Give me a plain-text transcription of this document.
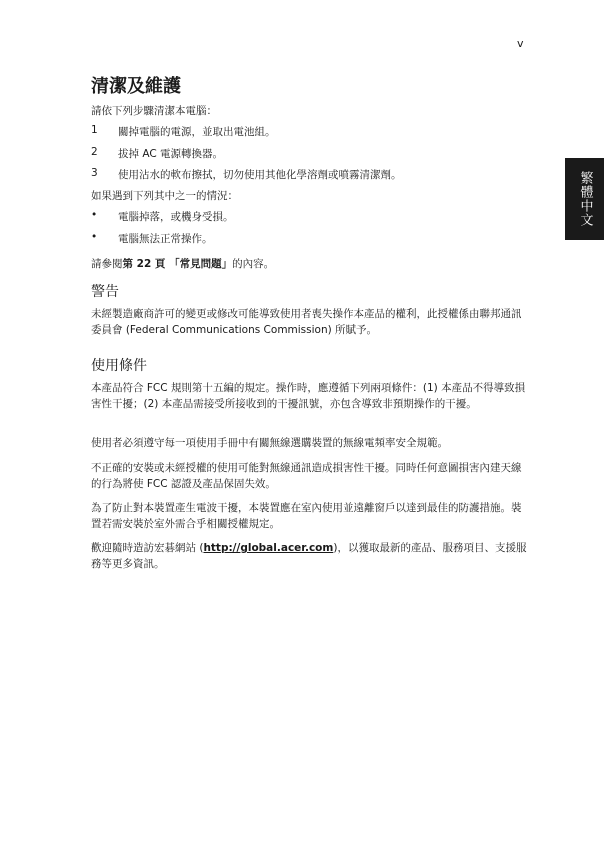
v
繁體中文
清潔及維護
請依下列步驟清潔本電腦：
1 關掉電腦的電源，並取出電池組。
2 拔掉 AC 電源轉換器。
3 使用沾水的軟布擦拭，切勿使用其他化學溶劑或噴霧清潔劑。
如果遇到下列其中之一的情況：
• 電腦掉落，或機身受損。
• 電腦無法正常操作。
請參閱第 22 頁 「常見問題」的內容。
警告
未經製造廠商許可的變更或修改可能導致使用者喪失操作本產品的權利，此授權係由聯邦通訊委員會 (Federal Communications Commission) 所賦予。
使用條件
本產品符合 FCC 規則第十五編的規定。操作時，應遵循下列兩項條件：(1) 本產品不得導致損害性干擾；(2) 本產品需接受所接收到的干擾訊號，亦包含導致非預期操作的干擾。
使用者必須遵守每一項使用手冊中有關無線選購裝置的無線電頻率安全規範。
不正確的安裝或未經授權的使用可能對無線通訊造成損害性干擾。同時任何意圖損害內建天線的行為將使 FCC 認證及產品保固失效。
為了防止對本裝置產生電波干擾，本裝置應在室內使用並遠離窗戶以達到最佳的防護措施。裝置若需安裝於室外需合乎相關授權規定。
歡迎隨時造訪宏碁網站 (http://global.acer.com)，以獲取最新的產品、服務項目、支援服務等更多資訊。
